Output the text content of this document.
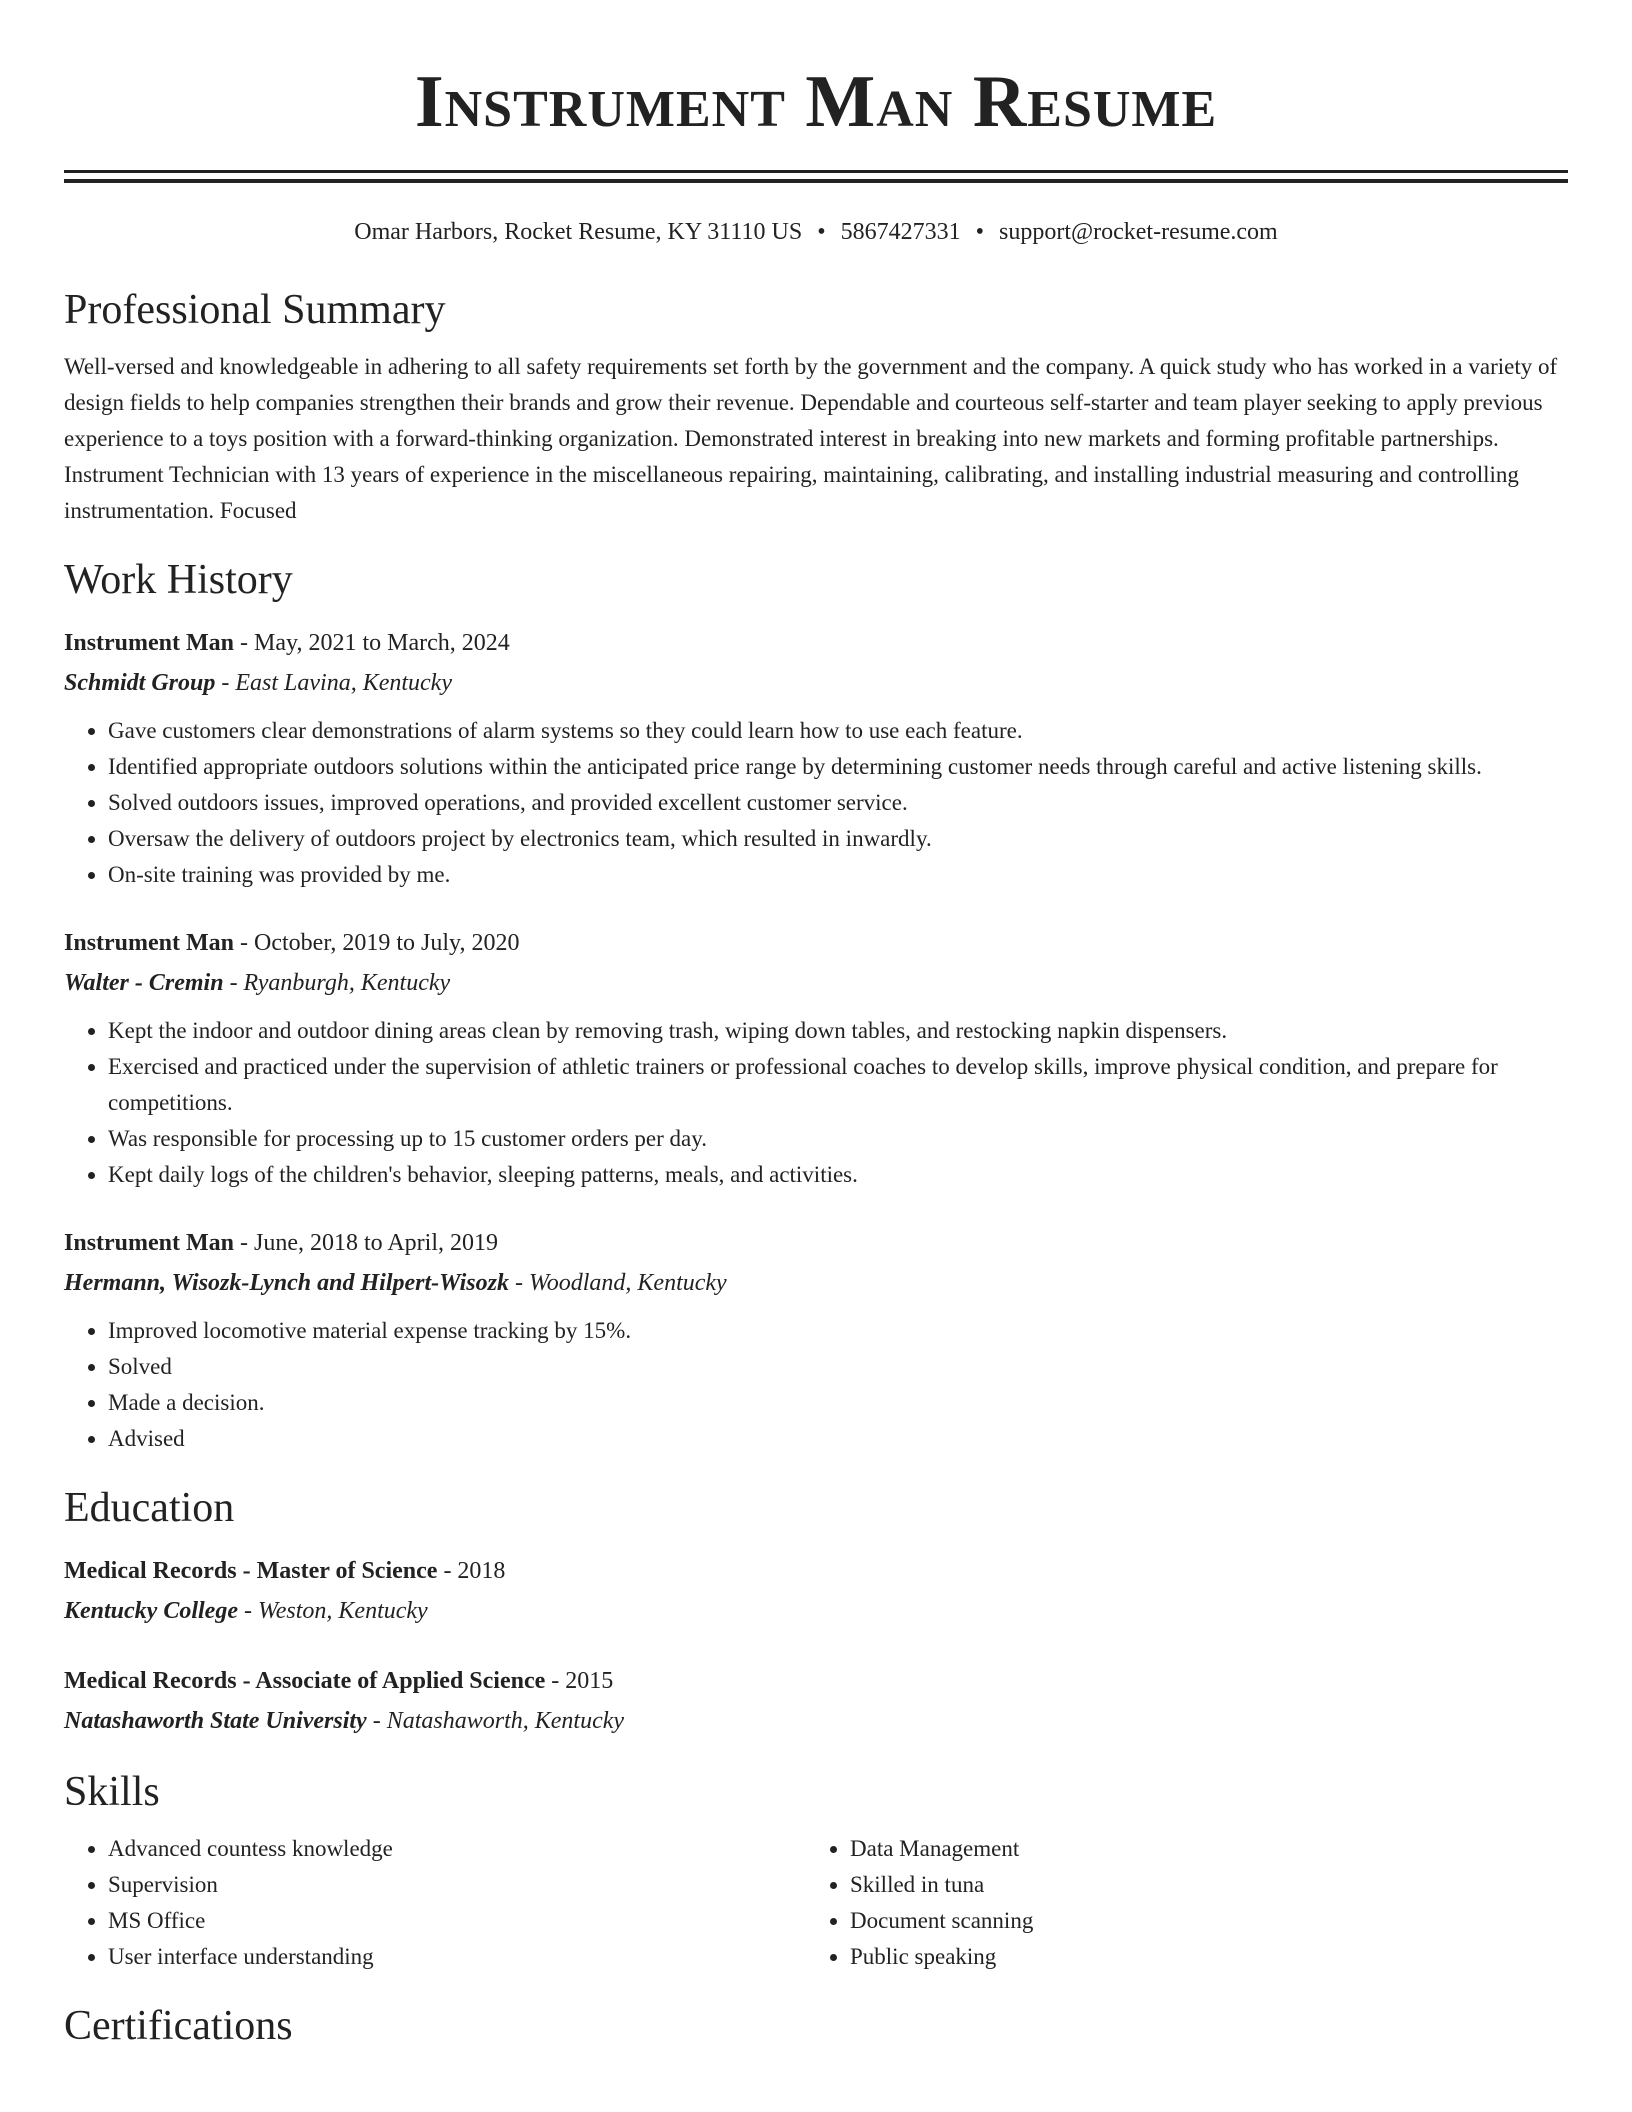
Instrument Man Resume
Omar Harbors, Rocket Resume, KY 31110 US • 5867427331 • support@rocket-resume.com
Professional Summary
Well-versed and knowledgeable in adhering to all safety requirements set forth by the government and the company. A quick study who has worked in a variety of design fields to help companies strengthen their brands and grow their revenue. Dependable and courteous self-starter and team player seeking to apply previous experience to a toys position with a forward-thinking organization. Demonstrated interest in breaking into new markets and forming profitable partnerships. Instrument Technician with 13 years of experience in the miscellaneous repairing, maintaining, calibrating, and installing industrial measuring and controlling instrumentation. Focused
Work History
Instrument Man - May, 2021 to March, 2024
Schmidt Group - East Lavina, Kentucky
• Gave customers clear demonstrations of alarm systems so they could learn how to use each feature.
• Identified appropriate outdoors solutions within the anticipated price range by determining customer needs through careful and active listening skills.
• Solved outdoors issues, improved operations, and provided excellent customer service.
• Oversaw the delivery of outdoors project by electronics team, which resulted in inwardly.
• On-site training was provided by me.
Instrument Man - October, 2019 to July, 2020
Walter - Cremin - Ryanburgh, Kentucky
• Kept the indoor and outdoor dining areas clean by removing trash, wiping down tables, and restocking napkin dispensers.
• Exercised and practiced under the supervision of athletic trainers or professional coaches to develop skills, improve physical condition, and prepare for competitions.
• Was responsible for processing up to 15 customer orders per day.
• Kept daily logs of the children's behavior, sleeping patterns, meals, and activities.
Instrument Man - June, 2018 to April, 2019
Hermann, Wisozk-Lynch and Hilpert-Wisozk - Woodland, Kentucky
• Improved locomotive material expense tracking by 15%.
• Solved
• Made a decision.
• Advised
Education
Medical Records - Master of Science - 2018
Kentucky College - Weston, Kentucky
Medical Records - Associate of Applied Science - 2015
Natashaworth State University - Natashaworth, Kentucky
Skills
• Advanced countess knowledge
• Supervision
• MS Office
• User interface understanding
• Data Management
• Skilled in tuna
• Document scanning
• Public speaking
Certifications
